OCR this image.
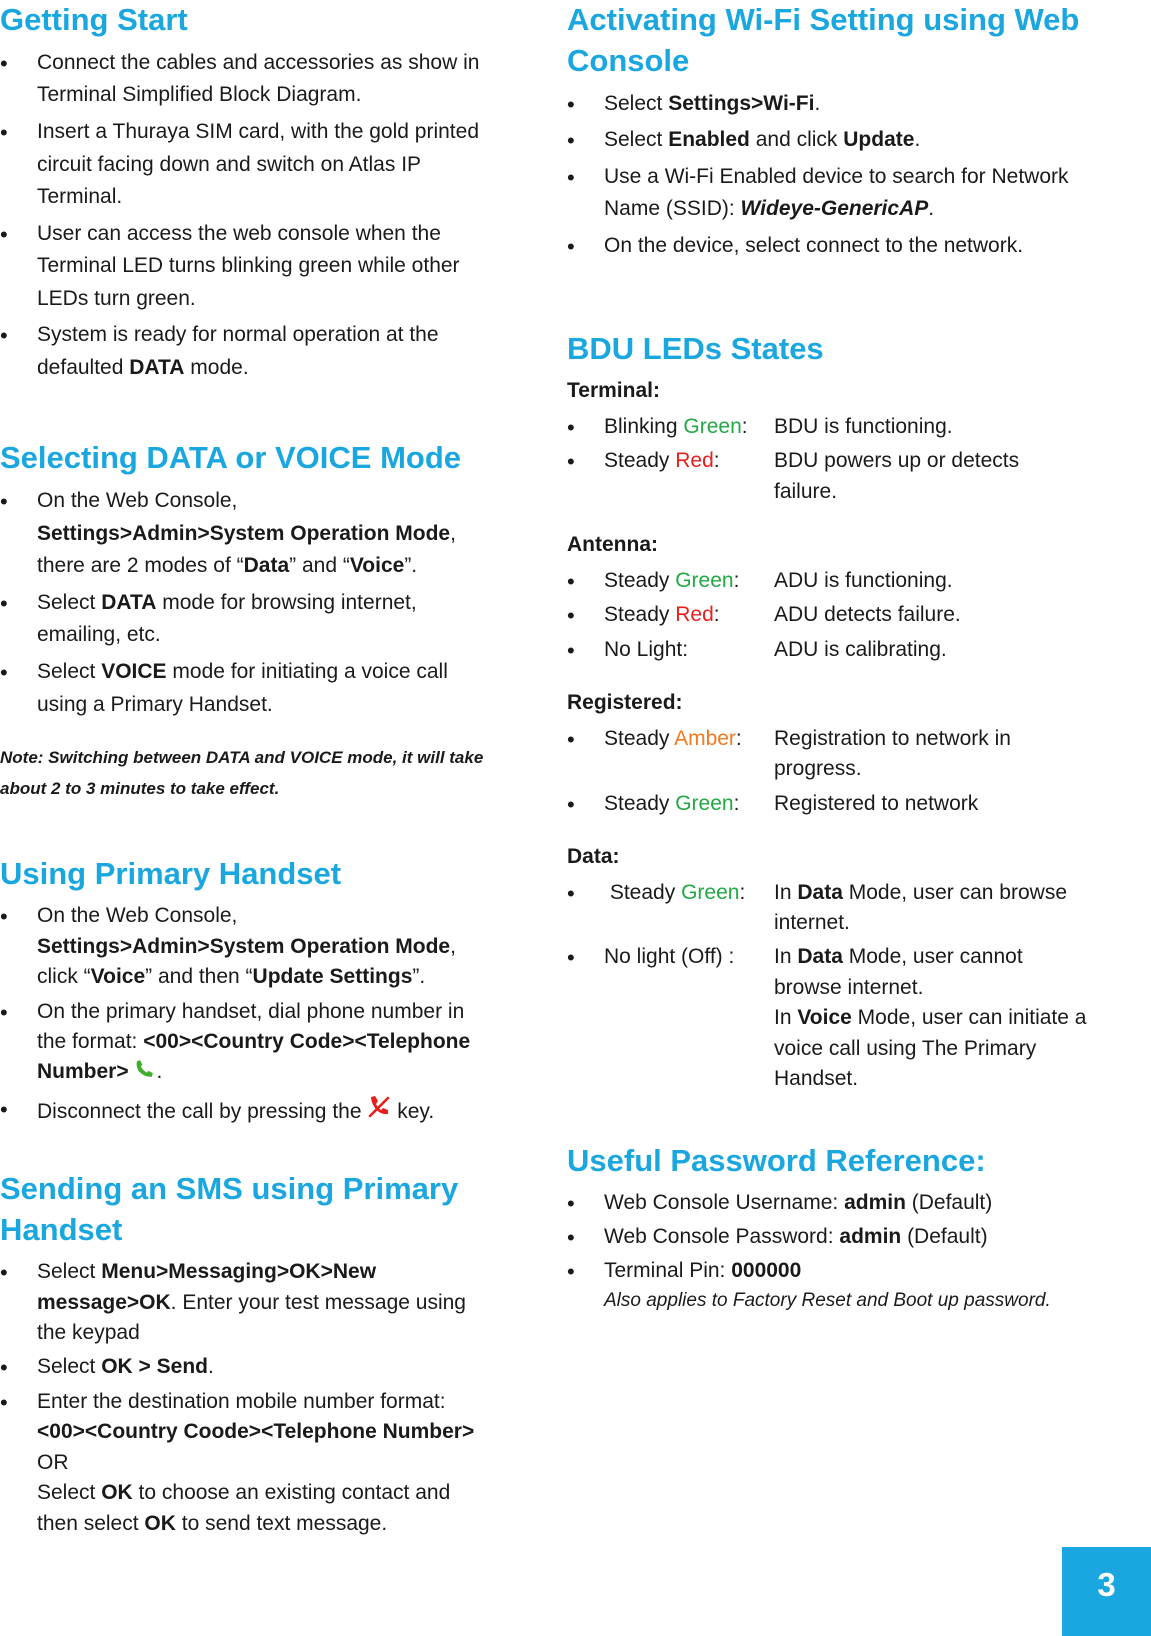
Getting Start
• Connect the cables and accessories as show in Terminal Simplified Block Diagram.
• Insert a Thuraya SIM card, with the gold printed circuit facing down and switch on Atlas IP Terminal.
• User can access the web console when the Terminal LED turns blinking green while other LEDs turn green.
• System is ready for normal operation at the defaulted DATA mode.
Selecting DATA or VOICE Mode
• On the Web Console,
Settings>Admin>System Operation Mode, there are 2 modes of “Data” and “Voice”.
• Select DATA mode for browsing internet, emailing, etc.
• Select VOICE mode for initiating a voice call using a Primary Handset.

Note: Switching between DATA and VOICE mode, it will take about 2 to 3 minutes to take effect.

Using Primary Handset
• On the Web Console,
Settings>Admin>System Operation Mode, click “Voice” and then “Update Settings”.
• On the primary handset, dial phone number in the format: <00><Country Code><Telephone Number> .
• Disconnect the call by pressing the key.
Sending an SMS using Primary Handset
• Select Menu>Messaging>OK>New message>OK. Enter your test message using the keypad
• Select OK > Send.
• Enter the destination mobile number format: <00><Country Coode><Telephone Number>
OR
Select OK to choose an existing contact and then select OK to send text message.
Activating Wi-Fi Setting using Web Console
• Select Settings>Wi-Fi.
• Select Enabled and click Update.
• Use a Wi-Fi Enabled device to search for Network Name (SSID): Wideye-GenericAP.
• On the device, select connect to the network.
BDU LEDs States
Terminal:
• Blinking Green:	BDU is functioning.
• Steady Red:	BDU powers up or detects failure.
Antenna:
• Steady Green:	ADU is functioning.
• Steady Red:	ADU detects failure.
• No Light:	ADU is calibrating.
Registered:
• Steady Amber:	Registration to network in progress.
• Steady Green:	Registered to network
Data:
• Steady Green:	In Data Mode, user can browse internet.
• No light (Off) :	In Data Mode, user cannot browse internet.
In Voice Mode, user can initiate a voice call using The Primary Handset.
Useful Password Reference:
• Web Console Username: admin (Default)
• Web Console Password: admin (Default)
• Terminal Pin: 000000
Also applies to Factory Reset and Boot up password.
3
